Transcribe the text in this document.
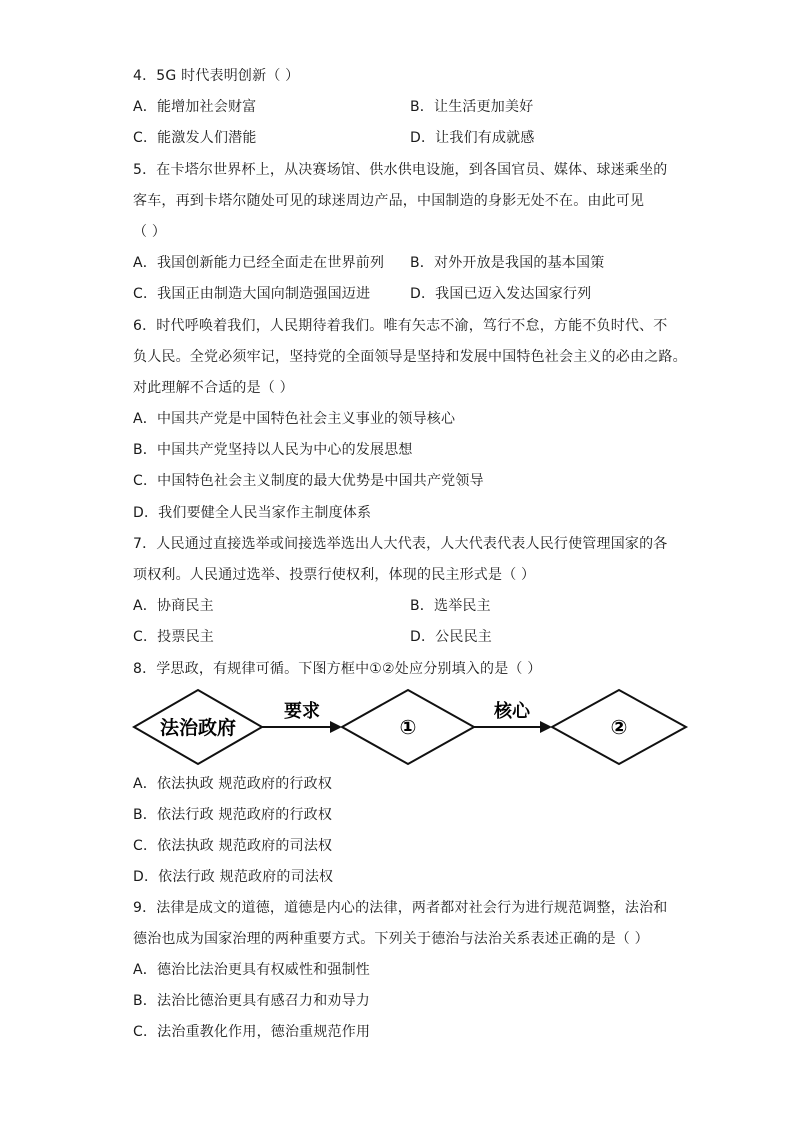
4．5G 时代表明创新（ ）
A．能增加社会财富	B．让生活更加美好
C．能激发人们潜能	D．让我们有成就感
5．在卡塔尔世界杯上，从决赛场馆、供水供电设施，到各国官员、媒体、球迷乘坐的
客车，再到卡塔尔随处可见的球迷周边产品，中国制造的身影无处不在。由此可见
（ ）
A．我国创新能力已经全面走在世界前列 B．对外开放是我国的基本国策
C．我国正由制造大国向制造强国迈进	D．我国已迈入发达国家行列
6．时代呼唤着我们，人民期待着我们。唯有矢志不渝，笃行不怠，方能不负时代、不
负人民。全党必须牢记，坚持党的全面领导是坚持和发展中国特色社会主义的必由之路。
对此理解不合适的是（ ）
A．中国共产党是中国特色社会主义事业的领导核心
B．中国共产党坚持以人民为中心的发展思想
C．中国特色社会主义制度的最大优势是中国共产党领导
D．我们要健全人民当家作主制度体系
7．人民通过直接选举或间接选举选出人大代表，人大代表代表人民行使管理国家的各
项权利。人民通过选举、投票行使权利，体现的民主形式是（ ）
A．协商民主	B．选举民主
C．投票民主	D．公民民主
8．学思政，有规律可循。下图方框中①②处应分别填入的是（ ）
法治政府
要求
①
核心
②
A．依法执政 规范政府的行政权
B．依法行政 规范政府的行政权
C．依法执政 规范政府的司法权
D．依法行政 规范政府的司法权
9．法律是成文的道德，道德是内心的法律，两者都对社会行为进行规范调整，法治和
德治也成为国家治理的两种重要方式。下列关于德治与法治关系表述正确的是（ ）
A．德治比法治更具有权威性和强制性
B．法治比德治更具有感召力和劝导力
C．法治重教化作用，德治重规范作用
